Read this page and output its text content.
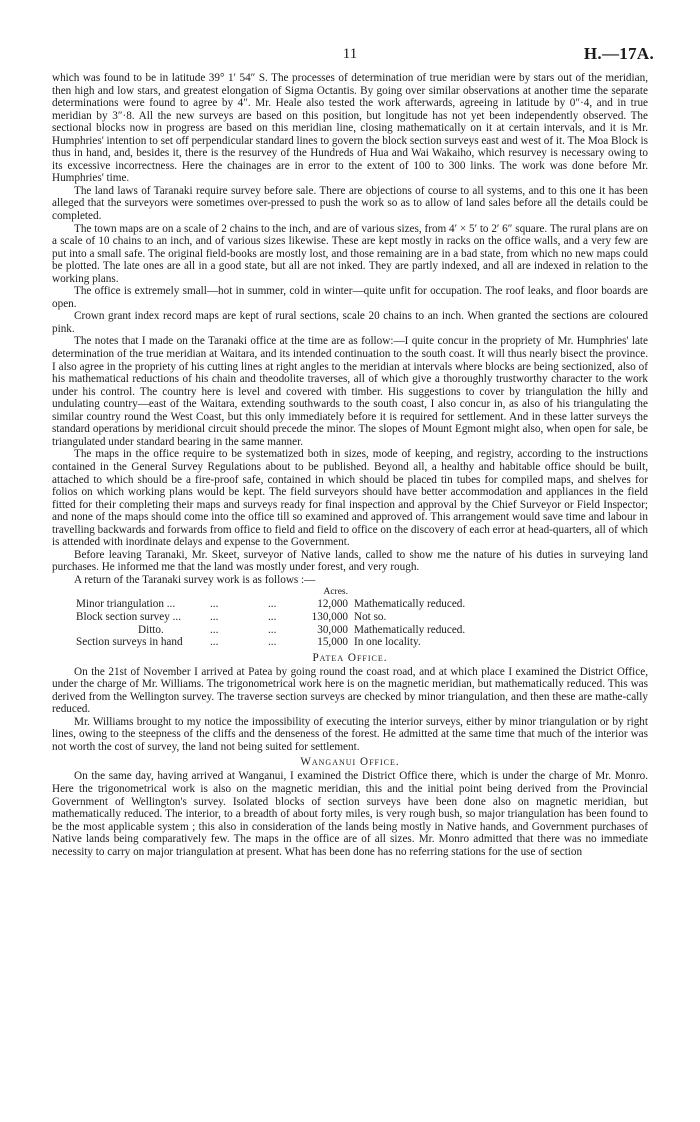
11	H.—17A.

which was found to be in latitude 39° 1′ 54″ S. The processes of determination of true meridian were by stars out of the meridian, then high and low stars, and greatest elongation of Sigma Octantis. By going over similar observations at another time the separate determinations were found to agree by 4″. Mr. Heale also tested the work afterwards, agreeing in latitude by 0″·4, and in true meridian by 3″·8. All the new surveys are based on this position, but longitude has not yet been independently observed. The sectional blocks now in progress are based on this meridian line, closing mathematically on it at certain intervals, and it is Mr. Humphries' intention to set off perpendicular standard lines to govern the block section surveys east and west of it. The Moa Block is thus in hand, and, besides it, there is the resurvey of the Hundreds of Hua and Wai Wakaiho, which resurvey is necessary owing to its excessive incorrectness. Here the chainages are in error to the extent of 100 to 300 links. The work was done before Mr. Humphries' time.

The land laws of Taranaki require survey before sale. There are objections of course to all systems, and to this one it has been alleged that the surveyors were sometimes over-pressed to push the work so as to allow of land sales before all the details could be completed.

The town maps are on a scale of 2 chains to the inch, and are of various sizes, from 4′ × 5′ to 2′ 6″ square. The rural plans are on a scale of 10 chains to an inch, and of various sizes likewise. These are kept mostly in racks on the office walls, and a very few are put into a small safe. The original field-books are mostly lost, and those remaining are in a bad state, from which no new maps could be plotted. The late ones are all in a good state, but all are not inked. They are partly indexed, and all are indexed in relation to the working plans.

The office is extremely small—hot in summer, cold in winter—quite unfit for occupation. The roof leaks, and floor boards are open.

Crown grant index record maps are kept of rural sections, scale 20 chains to an inch. When granted the sections are coloured pink.

The notes that I made on the Taranaki office at the time are as follow:—I quite concur in the propriety of Mr. Humphries' late determination of the true meridian at Waitara, and its intended continuation to the south coast. It will thus nearly bisect the province. I also agree in the propriety of his cutting lines at right angles to the meridian at intervals where blocks are being sectionized, also of his mathematical reductions of his chain and theodolite traverses, all of which give a thoroughly trustworthy character to the work under his control. The country here is level and covered with timber. His suggestions to cover by triangulation the hilly and undulating country—east of the Waitara, extending southwards to the south coast, I also concur in, as also of his triangulating the similar country round the West Coast, but this only immediately before it is required for settlement. And in these latter surveys the standard operations by meridional circuit should precede the minor. The slopes of Mount Egmont might also, when open for sale, be triangulated under standard bearing in the same manner.

The maps in the office require to be systematized both in sizes, mode of keeping, and registry, according to the instructions contained in the General Survey Regulations about to be published. Beyond all, a healthy and habitable office should be built, attached to which should be a fire-proof safe, contained in which should be placed tin tubes for compiled maps, and shelves for folios on which working plans would be kept. The field surveyors should have better accommodation and appliances in the field fitted for their completing their maps and surveys ready for final inspection and approval by the Chief Surveyor or Field Inspector; and none of the maps should come into the office till so examined and approved of. This arrangement would save time and labour in travelling backwards and forwards from office to field and field to office on the discovery of each error at head-quarters, all of which is attended with inordinate delays and expense to the Government.

Before leaving Taranaki, Mr. Skeet, surveyor of Native lands, called to show me the nature of his duties in surveying land purchases. He informed me that the land was mostly under forest, and very rough.

A return of the Taranaki survey work is as follows :—

			Acres.	
Minor triangulation ...	...	...	12,000	Mathematically reduced.
Block section survey ...	...	...	130,000	Not so.
Ditto.	...	...	30,000	Mathematically reduced.
Section surveys in hand	...	...	15,000	In one locality.
Patea Office.

On the 21st of November I arrived at Patea by going round the coast road, and at which place I examined the District Office, under the charge of Mr. Williams. The trigonometrical work here is on the magnetic meridian, but mathematically reduced. This was derived from the Wellington survey. The traverse section surveys are checked by minor triangulation, and then these are mathe-cally reduced.

Mr. Williams brought to my notice the impossibility of executing the interior surveys, either by minor triangulation or by right lines, owing to the steepness of the cliffs and the denseness of the forest. He admitted at the same time that much of the interior was not worth the cost of survey, the land not being suited for settlement.

Wanganui Office.

On the same day, having arrived at Wanganui, I examined the District Office there, which is under the charge of Mr. Monro. Here the trigonometrical work is also on the magnetic meridian, this and the initial point being derived from the Provincial Government of Wellington's survey. Isolated blocks of section surveys have been done also on magnetic meridian, but mathematically reduced. The interior, to a breadth of about forty miles, is very rough bush, so major triangulation has been found to be the most applicable system ; this also in consideration of the lands being mostly in Native hands, and Government purchases of Native lands being comparatively few. The maps in the office are of all sizes. Mr. Monro admitted that there was no immediate necessity to carry on major triangulation at present. What has been done has no referring stations for the use of section
